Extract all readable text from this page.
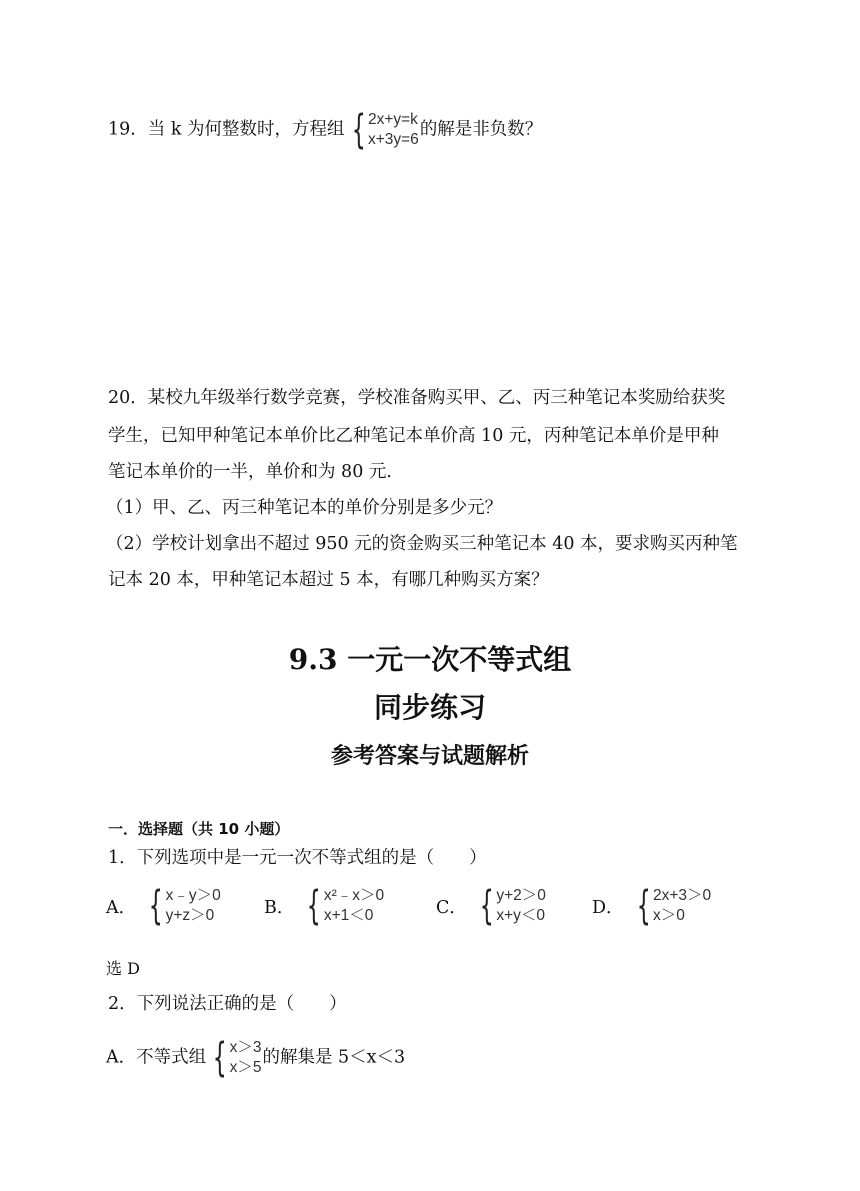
19．当 k 为何整数时，方程组 { 2x+y=k
x+3y=6 的解是非负数？
20．某校九年级举行数学竞赛，学校准备购买甲、乙、丙三种笔记本奖励给获奖
学生，已知甲种笔记本单价比乙种笔记本单价高 10 元，丙种笔记本单价是甲种
笔记本单价的一半，单价和为 80 元.
（1）甲、乙、丙三种笔记本的单价分别是多少元？
（2）学校计划拿出不超过 950 元的资金购买三种笔记本 40 本，要求购买丙种笔
记本 20 本，甲种笔记本超过 5 本，有哪几种购买方案？
9.3 一元一次不等式组
同步练习
参考答案与试题解析
一．选择题（共 10 小题）
1．下列选项中是一元一次不等式组的是（　　）
A． { x﹣y＞0
y+z＞0	B． { x²﹣x＞0
x+1＜0	C． { y+2＞0
x+y＜0	D． { 2x+3＞0
x＞0
选 D
2．下列说法正确的是（　　）
A．不等式组 { x＞3
x＞5 的解集是 5＜x＜3
